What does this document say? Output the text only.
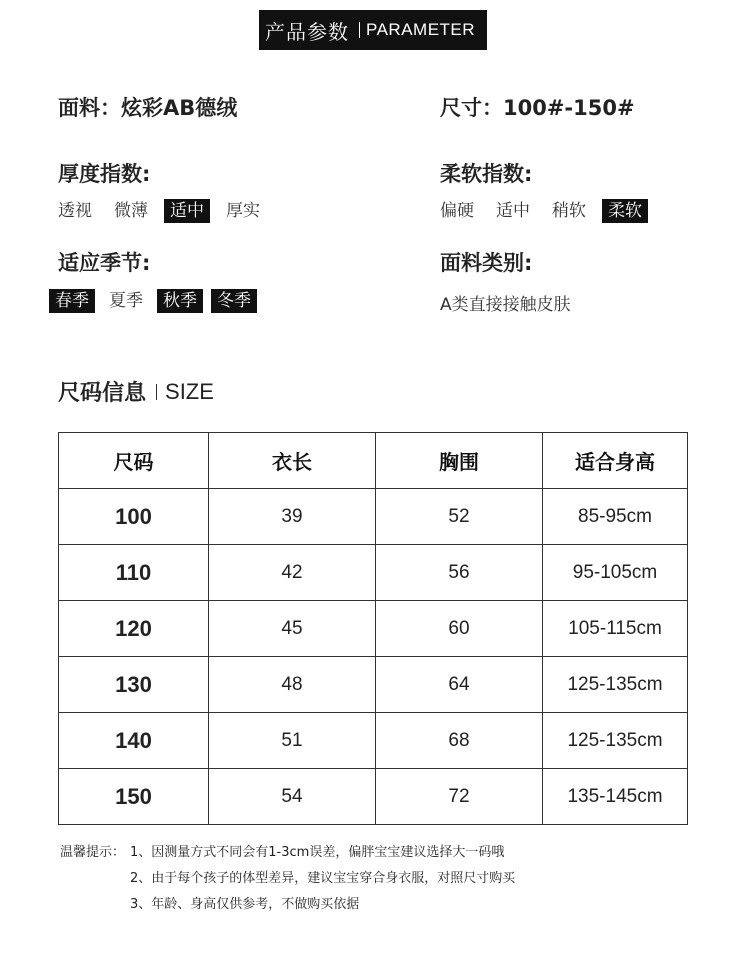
产品参数 PARAMETER
面料：炫彩AB德绒	尺寸：100#-150#
厚度指数:
透视	微薄	适中	厚实
柔软指数:
偏硬	适中	稍软	柔软
适应季节:
春季	夏季	秋季	冬季
面料类别:
A类直接接触皮肤
尺码信息 SIZE
尺码	衣长	胸围	适合身高
100	39	52	85-95cm
110	42	56	95-105cm
120	45	60	105-115cm
130	48	64	125-135cm
140	51	68	125-135cm
150	54	72	135-145cm
温馨提示： 1、因测量方式不同会有1-3cm误差，偏胖宝宝建议选择大一码哦
2、由于每个孩子的体型差异，建议宝宝穿合身衣服，对照尺寸购买
3、年龄、身高仅供参考，不做购买依据
